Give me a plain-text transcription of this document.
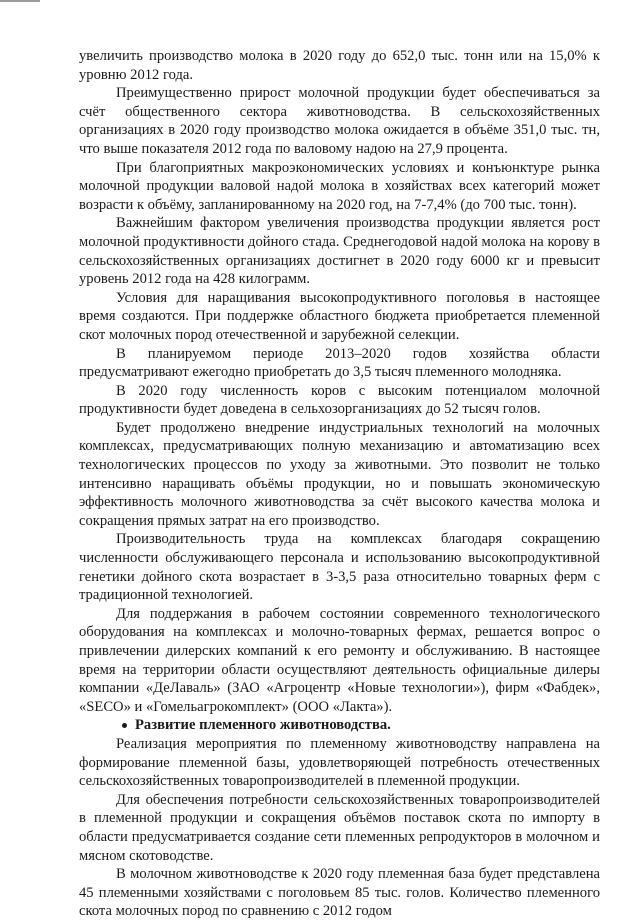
увеличить производство молока в 2020 году до 652,0 тыс. тонн или на 15,0% к уровню 2012 года.

Преимущественно прирост молочной продукции будет обеспечиваться за счёт общественного сектора животноводства. В сельскохозяйственных организациях в 2020 году производство молока ожидается в объёме 351,0 тыс. тн, что выше показателя 2012 года по валовому надою на 27,9 процента.

При благоприятных макроэкономических условиях и конъюнктуре рынка молочной продукции валовой надой молока в хозяйствах всех категорий может возрасти к объёму, запланированному на 2020 год, на 7-7,4% (до 700 тыс. тонн).

Важнейшим фактором увеличения производства продукции является рост молочной продуктивности дойного стада. Среднегодовой надой молока на корову в сельскохозяйственных организациях достигнет в 2020 году 6000 кг и превысит уровень 2012 года на 428 килограмм.

Условия для наращивания высокопродуктивного поголовья в настоящее время создаются. При поддержке областного бюджета приобретается племенной скот молочных пород отечественной и зарубежной селекции.

В планируемом периоде 2013–2020 годов хозяйства области предусматривают ежегодно приобретать до 3,5 тысяч племенного молодняка.

В 2020 году численность коров с высоким потенциалом молочной продуктивности будет доведена в сельхозорганизациях до 52 тысяч голов.

Будет продолжено внедрение индустриальных технологий на молочных комплексах, предусматривающих полную механизацию и автоматизацию всех технологических процессов по уходу за животными. Это позволит не только интенсивно наращивать объёмы продукции, но и повышать экономическую эффективность молочного животноводства за счёт высокого качества молока и сокращения прямых затрат на его производство.

Производительность труда на комплексах благодаря сокращению численности обслуживающего персонала и использованию высокопродуктивной генетики дойного скота возрастает в 3-3,5 раза относительно товарных ферм с традиционной технологией.

Для поддержания в рабочем состоянии современного технологического оборудования на комплексах и молочно-товарных фермах, решается вопрос о привлечении дилерских компаний к его ремонту и обслуживанию. В настоящее время на территории области осуществляют деятельность официальные дилеры компании «ДеЛаваль» (ЗАО «Агроцентр «Новые технологии»), фирм «Фабдек», «SECO» и «Гомельагрокомплект» (ООО «Лакта»).

Развитие племенного животноводства.

Реализация мероприятия по племенному животноводству направлена на формирование племенной базы, удовлетворяющей потребность отечественных сельскохозяйственных товаропроизводителей в племенной продукции.

Для обеспечения потребности сельскохозяйственных товаропроизводителей в племенной продукции и сокращения объёмов поставок скота по импорту в области предусматривается создание сети племенных репродукторов в молочном и мясном скотоводстве.

В молочном животноводстве к 2020 году племенная база будет представлена 45 племенными хозяйствами с поголовьем 85 тыс. голов. Количество племенного скота молочных пород по сравнению с 2012 годом
